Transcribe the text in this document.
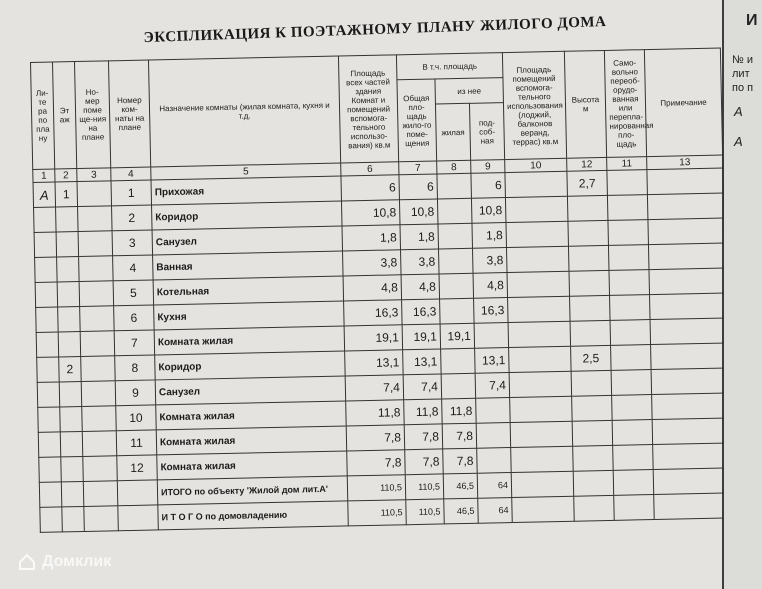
ЭКСПЛИКАЦИЯ К ПОЭТАЖНОМУ ПЛАНУ ЖИЛОГО ДОМА
Ли-те ра по пла ну	Эт аж	Но-мер поме ще-ния на плане	Номер ком-наты на плане	Назначение комнаты (жилая комната, кухня и т.д.	Площадь всех частей здания Комнат и помещений вспомога-тельного использо-вания) кв.м	В т.ч. площадь			Площадь помещений вспомога-тельного использования (лоджий, балконов веранд, террас) кв.м	Высота м	Само-вольно переоб-орудо-ванная или перепла-нированная пло-щадь	Примечание
						Общая пло-щадь жило-го поме-щения	из нее					
							жилая	под-соб-ная				
1	2	3	4	5	6	7	8	9	10	12	11	13
A	1		1	Прихожая	6	6		6		2,7		
			2	Коридор	10,8	10,8		10,8				
			3	Санузел	1,8	1,8		1,8				
			4	Ванная	3,8	3,8		3,8				
			5	Котельная	4,8	4,8		4,8				
			6	Кухня	16,3	16,3		16,3				
			7	Комната жилая	19,1	19,1	19,1					
	2		8	Коридор	13,1	13,1		13,1		2,5		
			9	Санузел	7,4	7,4		7,4				
			10	Комната жилая	11,8	11,8	11,8					
			11	Комната жилая	7,8	7,8	7,8					
			12	Комната жилая	7,8	7,8	7,8					
				ИТОГО по объекту 'Жилой дом лит.А'	110,5	110,5	46,5	64				
				И Т О Г О по домовладению	110,5	110,5	46,5	64				
Домклик
И
№ и
лит
по п
А
А
